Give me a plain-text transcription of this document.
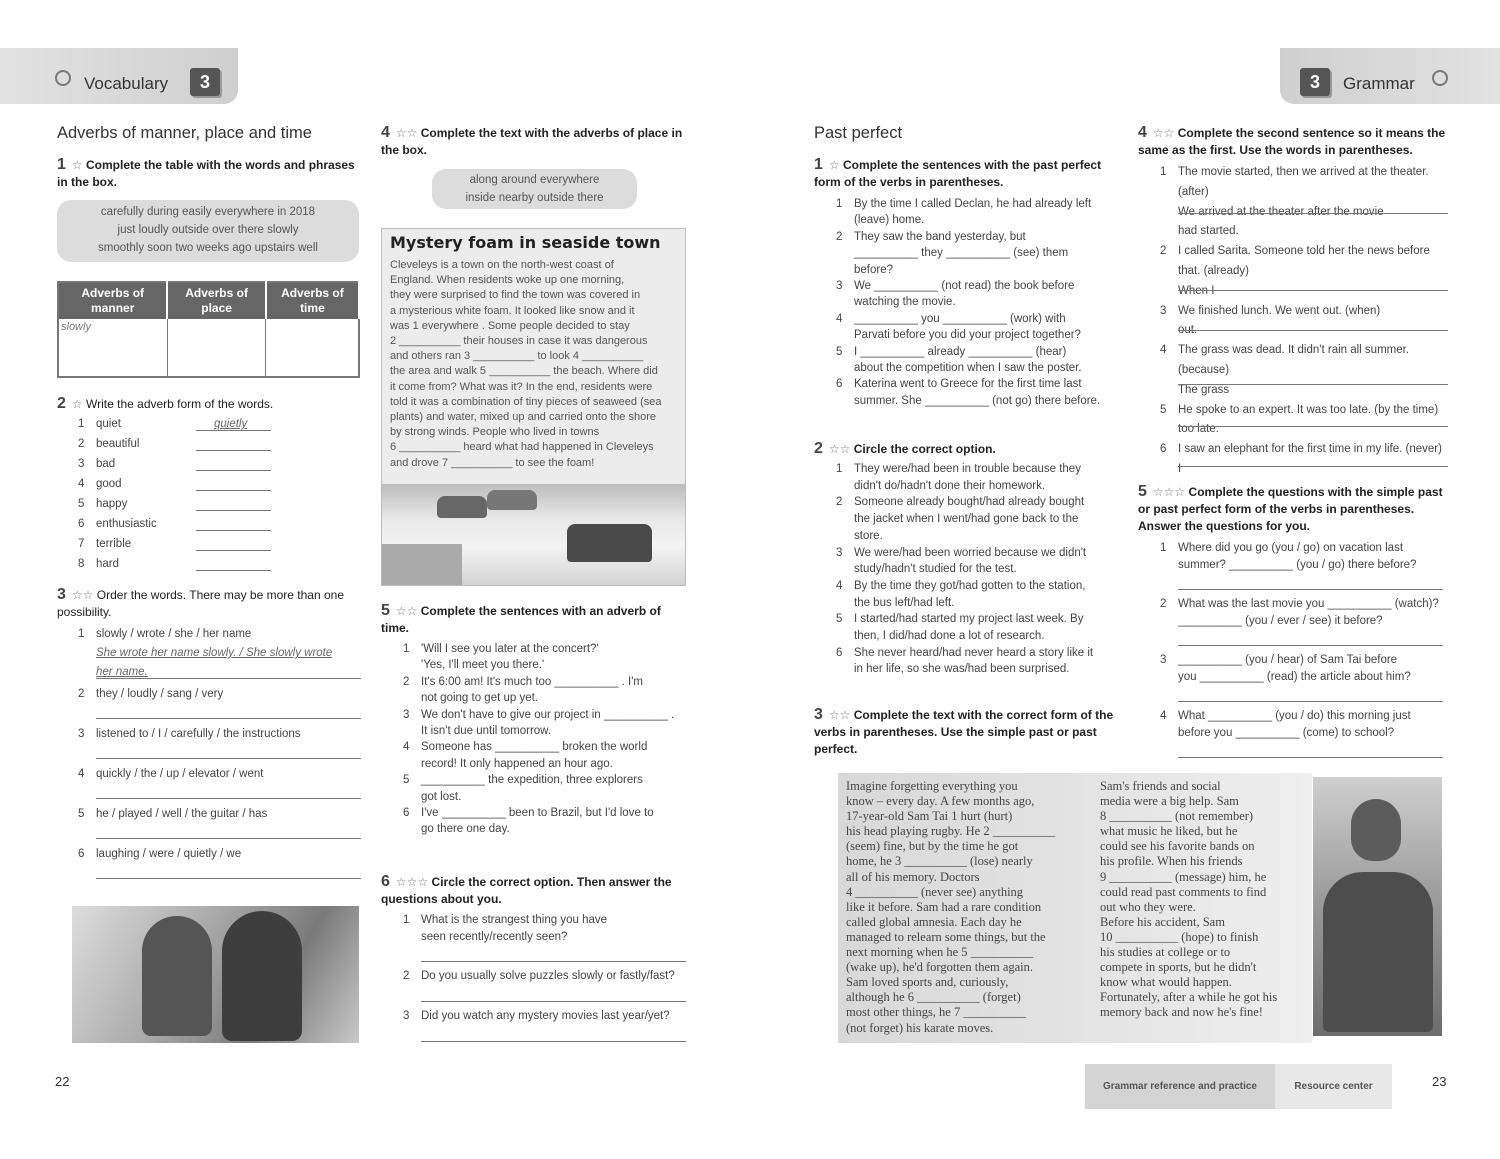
Vocabulary	3	3	Grammar
Adverbs of manner, place and time
1 ☆ Complete the table with the words and phrases in the box.
carefully during easily everywhere in 2018
just loudly outside over there slowly
smoothly soon two weeks ago upstairs well
Adverbs of manner	Adverbs of place	Adverbs of time
slowly		
2 ☆ Write the adverb form of the words.
1 quiet	quietly
2 beautiful
3 bad
4 good
5 happy
6 enthusiastic
7 terrible
8 hard
3 ☆☆ Order the words. There may be more than one possibility.
1 slowly / wrote / she / her name
2 they / loudly / sang / very
3 listened to / I / carefully / the instructions
4 quickly / the / up / elevator / went
5 he / played / well / the guitar / has
6 laughing / were / quietly / we
She wrote her name slowly. / She slowly wrote
her name.
22
4 ☆☆ Complete the text with the adverbs of place in the box.
along around everywhere
inside nearby outside there
Mystery foam in seaside town

Cleveleys is a town on the north-west coast of

England. When residents woke up one morning,

they were surprised to find the town was covered in

a mysterious white foam. It looked like snow and it

was 1 everywhere . Some people decided to stay

2 __________ their houses in case it was dangerous

and others ran 3 __________ to look 4 __________

the area and walk 5 __________ the beach. Where did

it come from? What was it? In the end, residents were

told it was a combination of tiny pieces of seaweed (sea

plants) and water, mixed up and carried onto the shore

by strong winds. People who lived in towns

6 __________ heard what had happened in Cleveleys

and drove 7 __________ to see the foam!

5 ☆☆ Complete the sentences with an adverb of time.
1 'Will I see you later at the concert?'
'Yes, I'll meet you there.'
2 It's 6:00 am! It's much too __________ . I'm
not going to get up yet.
3 We don't have to give our project in __________ .
It isn't due until tomorrow.
4 Someone has __________ broken the world
record! It only happened an hour ago.
5 __________ the expedition, three explorers
got lost.
6 I've __________ been to Brazil, but I'd love to
go there one day.
6 ☆☆☆ Circle the correct option. Then answer the questions about you.
1 What is the strangest thing you have
seen recently/recently seen?
2 Do you usually solve puzzles slowly or fastly/fast?
3 Did you watch any mystery movies last year/yet?
Past perfect
1 ☆ Complete the sentences with the past perfect form of the verbs in parentheses.
1 By the time I called Declan, he had already left
(leave) home.
2 They saw the band yesterday, but
__________ they __________ (see) them
before?
3 We __________ (not read) the book before
watching the movie.
4 __________ you __________ (work) with
Parvati before you did your project together?
5 I __________ already __________ (hear)
about the competition when I saw the poster.
6 Katerina went to Greece for the first time last
summer. She __________ (not go) there before.
2 ☆☆ Circle the correct option.
1 They were/had been in trouble because they
didn't do/hadn't done their homework.
2 Someone already bought/had already bought
the jacket when I went/had gone back to the
store.
3 We were/had been worried because we didn't
study/hadn't studied for the test.
4 By the time they got/had gotten to the station,
the bus left/had left.
5 I started/had started my project last week. By
then, I did/had done a lot of research.
6 She never heard/had never heard a story like it
in her life, so she was/had been surprised.
3 ☆☆ Complete the text with the correct form of the verbs in parentheses. Use the simple past or past perfect.
Imagine forgetting everything you
know – every day. A few months ago,
17-year-old Sam Tai 1 hurt (hurt)
his head playing rugby. He 2 __________
(seem) fine, but by the time he got
home, he 3 __________ (lose) nearly
all of his memory. Doctors
4 __________ (never see) anything
like it before. Sam had a rare condition
called global amnesia. Each day he
managed to relearn some things, but the
next morning when he 5 __________
(wake up), he'd forgotten them again.
Sam loved sports and, curiously,
although he 6 __________ (forget)
most other things, he 7 __________
(not forget) his karate moves.
Sam's friends and social
media were a big help. Sam
8 __________ (not remember)
what music he liked, but he
could see his favorite bands on
his profile. When his friends
9 __________ (message) him, he
could read past comments to find
out who they were.
Before his accident, Sam
10 __________ (hope) to finish
his studies at college or to
compete in sports, but he didn't
know what would happen.
Fortunately, after a while he got his
memory back and now he's fine!
4 ☆☆ Complete the second sentence so it means the same as the first. Use the words in parentheses.
1 The movie started, then we arrived at the theater.
(after)
We arrived at the theater after the movie
had started.
2 I called Sarita. Someone told her the news before
that. (already)
When I
3 We finished lunch. We went out. (when)
out.
4 The grass was dead. It didn't rain all summer.
(because)
The grass
5 He spoke to an expert. It was too late. (by the time)
too late.
6 I saw an elephant for the first time in my life. (never)
I
5 ☆☆☆ Complete the questions with the simple past or past perfect form of the verbs in parentheses. Answer the questions for you.
1 Where did you go (you / go) on vacation last
summer? __________ (you / go) there before?
2 What was the last movie you __________ (watch)?
__________ (you / ever / see) it before?
3 __________ (you / hear) of Sam Tai before
you __________ (read) the article about him?
4 What __________ (you / do) this morning just
before you __________ (come) to school?
Grammar reference and practice	Resource center	23
